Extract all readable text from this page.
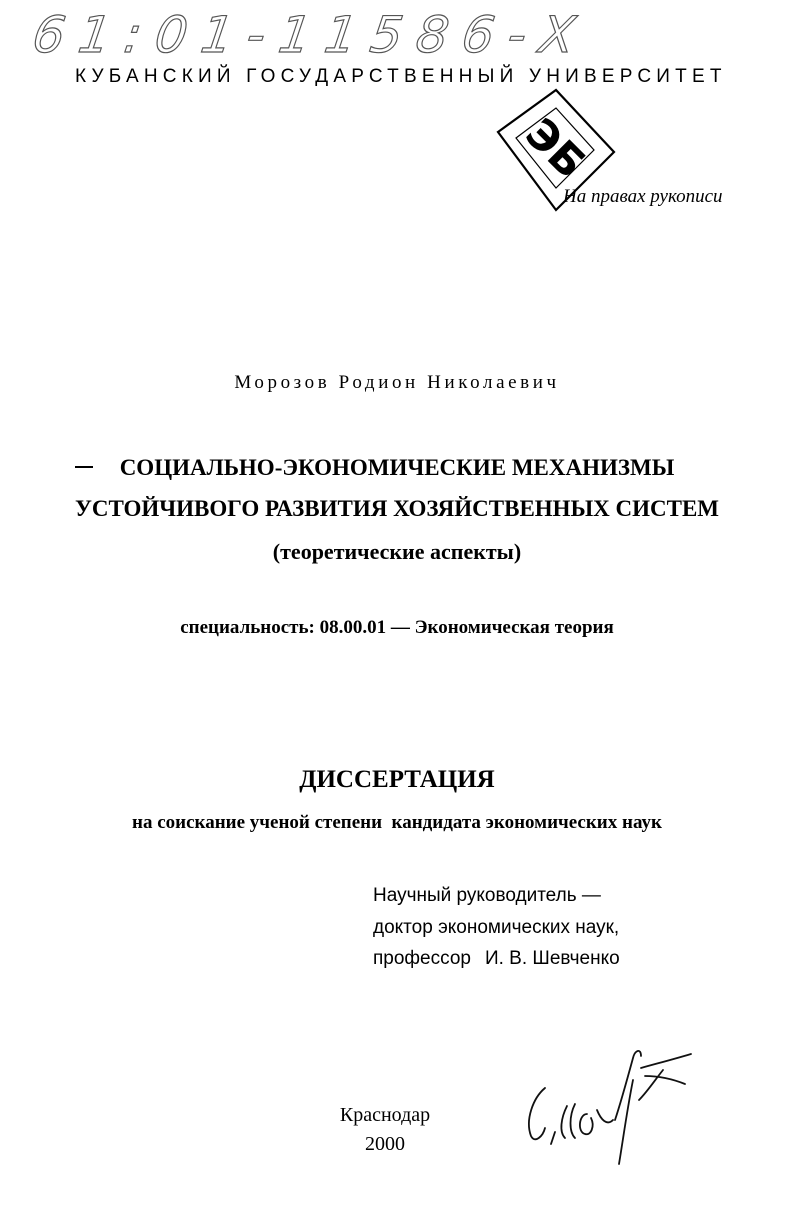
61:01-11586-Х
КУБАНСКИЙ ГОСУДАРСТВЕННЫЙ УНИВЕРСИТЕТ
ЭБ
На правах рукописи
Морозов Родион Николаевич
СОЦИАЛЬНО-ЭКОНОМИЧЕСКИЕ МЕХАНИЗМЫ
УСТОЙЧИВОГО РАЗВИТИЯ ХОЗЯЙСТВЕННЫХ СИСТЕМ
(теоретические аспекты)
специальность: 08.00.01 — Экономическая теория
ДИССЕРТАЦИЯ
на соискание ученой степени  кандидата экономических наук
Научный руководитель —
доктор экономических наук,
профессор И. В. Шевченко
Краснодар
2000
